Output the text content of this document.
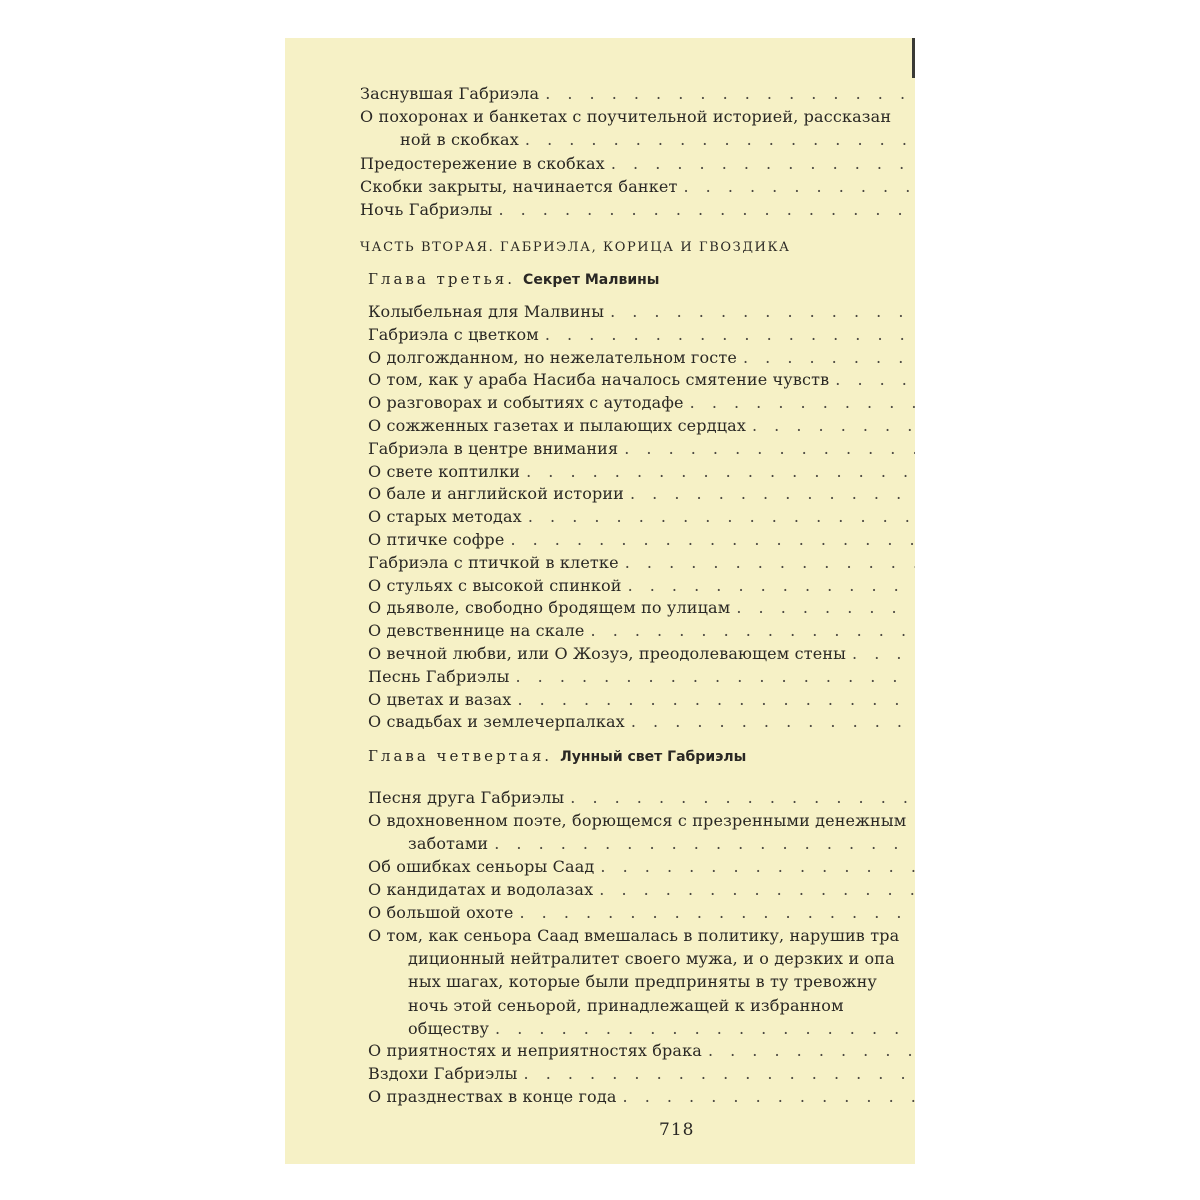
ЧАСТЬ ВТОРАЯ. ГАБРИЭЛА, КОРИЦА И ГВОЗДИКА
Глава третья. Секрет Малвины
Глава четвертая. Лунный свет Габриэлы
718

Заснувшая Габриэла
. . .

О похоронах и банкетах с поучительной историей, рассказан
ной в скобках
. . .

Предостережение в скобках
. . .

Скобки закрыты, начинается банкет
. . .

Ночь Габриэлы
. . .

Колыбельная для Малвины
. . .

Габриэла с цветком
. . .

О долгожданном, но нежелательном госте
. . .

О том, как у араба Насиба началось смятение чувств
. . .

О разговорах и событиях с аутодафе
. . .

О сожженных газетах и пылающих сердцах
. . .

Габриэла в центре внимания
. . .

О свете коптилки
. . .

О бале и английской истории
. . .

О старых методах
. . .

О птичке софре
. . .

Габриэла с птичкой в клетке
. . .

О стульях с высокой спинкой
. . .

О дьяволе, свободно бродящем по улицам
. . .

О девственнице на скале
. . .

О вечной любви, или О Жозуэ, преодолевающем стены
. . .

Песнь Габриэлы
. . .

О цветах и вазах
. . .

О свадьбах и землечерпалках
. . .

Песня друга Габриэлы
. . .

О вдохновенном поэте, борющемся с презренными денежным
заботами
. . .

Об ошибках сеньоры Саад
. . .

О кандидатах и водолазах
. . .

О большой охоте
. . .

О том, как сеньора Саад вмешалась в политику, нарушив тра
диционный нейтралитет своего мужа, и о дерзких и опа
ных шагах, которые были предприняты в ту тревожну
ночь этой сеньорой, принадлежащей к избранном
обществу
. . .

О приятностях и неприятностях брака
. . .

Вздохи Габриэлы
. . .

О празднествах в конце года
. . .
